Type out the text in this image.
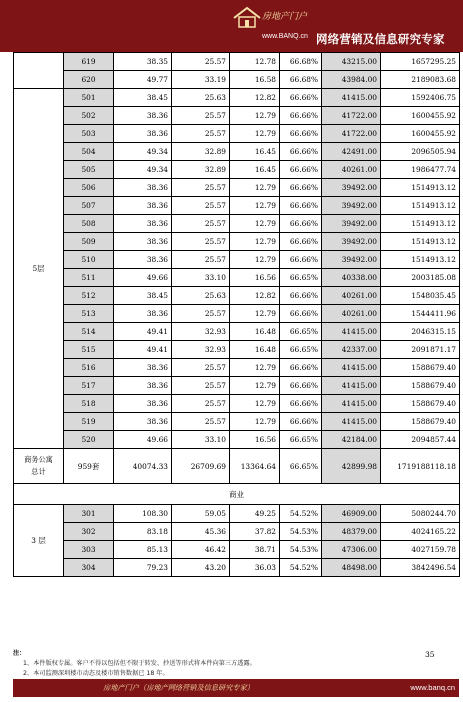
房地产门户
www.BANQ.cn 网络营销及信息研究专家
	619	38.35	25.57	12.78	66.68%	43215.00	1657295.25
	620	49.77	33.19	16.58	66.68%	43984.00	2189083.68
5层	501	38.45	25.63	12.82	66.66%	41415.00	1592406.75
	502	38.36	25.57	12.79	66.66%	41722.00	1600455.92
	503	38.36	25.57	12.79	66.66%	41722.00	1600455.92
	504	49.34	32.89	16.45	66.66%	42491.00	2096505.94
	505	49.34	32.89	16.45	66.66%	40261.00	1986477.74
	506	38.36	25.57	12.79	66.66%	39492.00	1514913.12
	507	38.36	25.57	12.79	66.66%	39492.00	1514913.12
	508	38.36	25.57	12.79	66.66%	39492.00	1514913.12
	509	38.36	25.57	12.79	66.66%	39492.00	1514913.12
	510	38.36	25.57	12.79	66.66%	39492.00	1514913.12
	511	49.66	33.10	16.56	66.65%	40338.00	2003185.08
	512	38.45	25.63	12.82	66.66%	40261.00	1548035.45
	513	38.36	25.57	12.79	66.66%	40261.00	1544411.96
	514	49.41	32.93	16.48	66.65%	41415.00	2046315.15
	515	49.41	32.93	16.48	66.65%	42337.00	2091871.17
	516	38.36	25.57	12.79	66.66%	41415.00	1588679.40
	517	38.36	25.57	12.79	66.66%	41415.00	1588679.40
	518	38.36	25.57	12.79	66.66%	41415.00	1588679.40
	519	38.36	25.57	12.79	66.66%	41415.00	1588679.40
	520	49.66	33.10	16.56	66.65%	42184.00	2094857.44

商务公寓
总计	959套	40074.33	26709.69	13364.64	66.65%	42899.98	1719188118.18
商业							
3 层	301	108.30	59.05	49.25	54.52%	46909.00	5080244.70
	302	83.18	45.36	37.82	54.53%	48379.00	4024165.22
	303	85.13	46.42	38.71	54.53%	47306.00	4027159.78
	304	79.23	43.20	36.03	54.52%	48498.00	3842496.54
注：
1、本件版权专属。客户不得以包括但不限于转发、抄送等形式将本件向第三方透露。
2、本司监测深圳楼市动态及楼市销售数据已 18 年。
35
房地产门户（房地产网络营销及信息研究专家）	www.banq.cn
